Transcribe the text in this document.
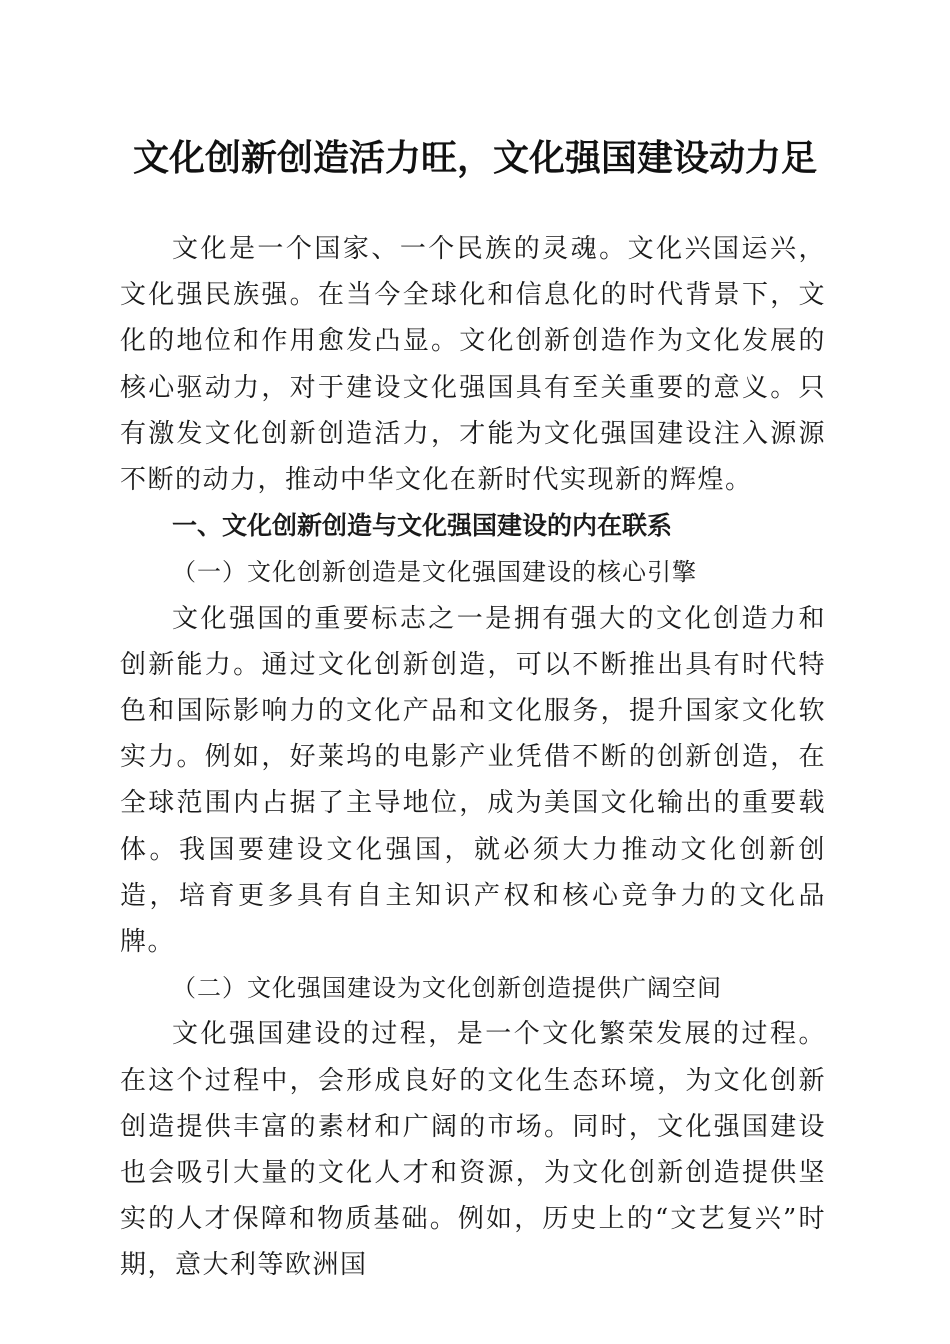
文化创新创造活力旺，文化强国建设动力足

文化是一个国家、一个民族的灵魂。文化兴国运兴，文化强民族强。在当今全球化和信息化的时代背景下，文化的地位和作用愈发凸显。文化创新创造作为文化发展的核心驱动力，对于建设文化强国具有至关重要的意义。只有激发文化创新创造活力，才能为文化强国建设注入源源不断的动力，推动中华文化在新时代实现新的辉煌。

一、文化创新创造与文化强国建设的内在联系

（一）文化创新创造是文化强国建设的核心引擎

文化强国的重要标志之一是拥有强大的文化创造力和创新能力。通过文化创新创造，可以不断推出具有时代特色和国际影响力的文化产品和文化服务，提升国家文化软实力。例如，好莱坞的电影产业凭借不断的创新创造，在全球范围内占据了主导地位，成为美国文化输出的重要载体。我国要建设文化强国，就必须大力推动文化创新创造，培育更多具有自主知识产权和核心竞争力的文化品牌。

（二）文化强国建设为文化创新创造提供广阔空间

文化强国建设的过程，是一个文化繁荣发展的过程。在这个过程中，会形成良好的文化生态环境，为文化创新创造提供丰富的素材和广阔的市场。同时，文化强国建设也会吸引大量的文化人才和资源，为文化创新创造提供坚实的人才保障和物质基础。例如，历史上的“文艺复兴”时期，意大利等欧洲国
